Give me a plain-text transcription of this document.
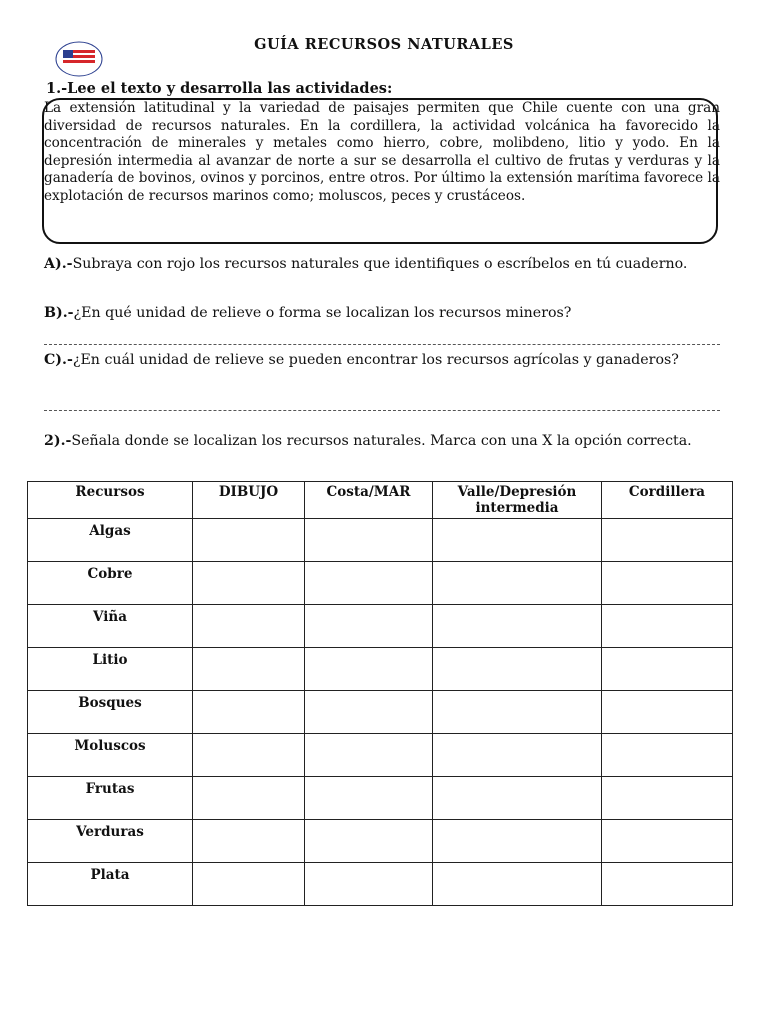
GUÍA RECURSOS NATURALES
1.-Lee el texto y desarrolla las actividades:
La extensión latitudinal y la variedad de paisajes permiten que Chile cuente con una gran diversidad de recursos naturales. En la cordillera, la actividad volcánica ha favorecido la concentración de minerales y metales como hierro, cobre, molibdeno, litio y yodo. En la depresión intermedia al avanzar de norte a sur se desarrolla el cultivo de frutas y verduras y la ganadería de bovinos, ovinos y porcinos, entre otros. Por último la extensión marítima favorece la explotación de recursos marinos como; moluscos, peces y crustáceos.
A).-Subraya con rojo los recursos naturales que identifiques o escríbelos en tú cuaderno.
B).-¿En qué unidad de relieve o forma se localizan los recursos mineros?
C).-¿En cuál unidad de relieve se pueden encontrar los recursos agrícolas y ganaderos?
2).-Señala donde se localizan los recursos naturales. Marca con una X la opción correcta.
Recursos	DIBUJO	Costa/MAR	Valle/Depresión intermedia	Cordillera
Algas				
Cobre				
Viña				
Litio				
Bosques				
Moluscos				
Frutas				
Verduras				
Plata				
